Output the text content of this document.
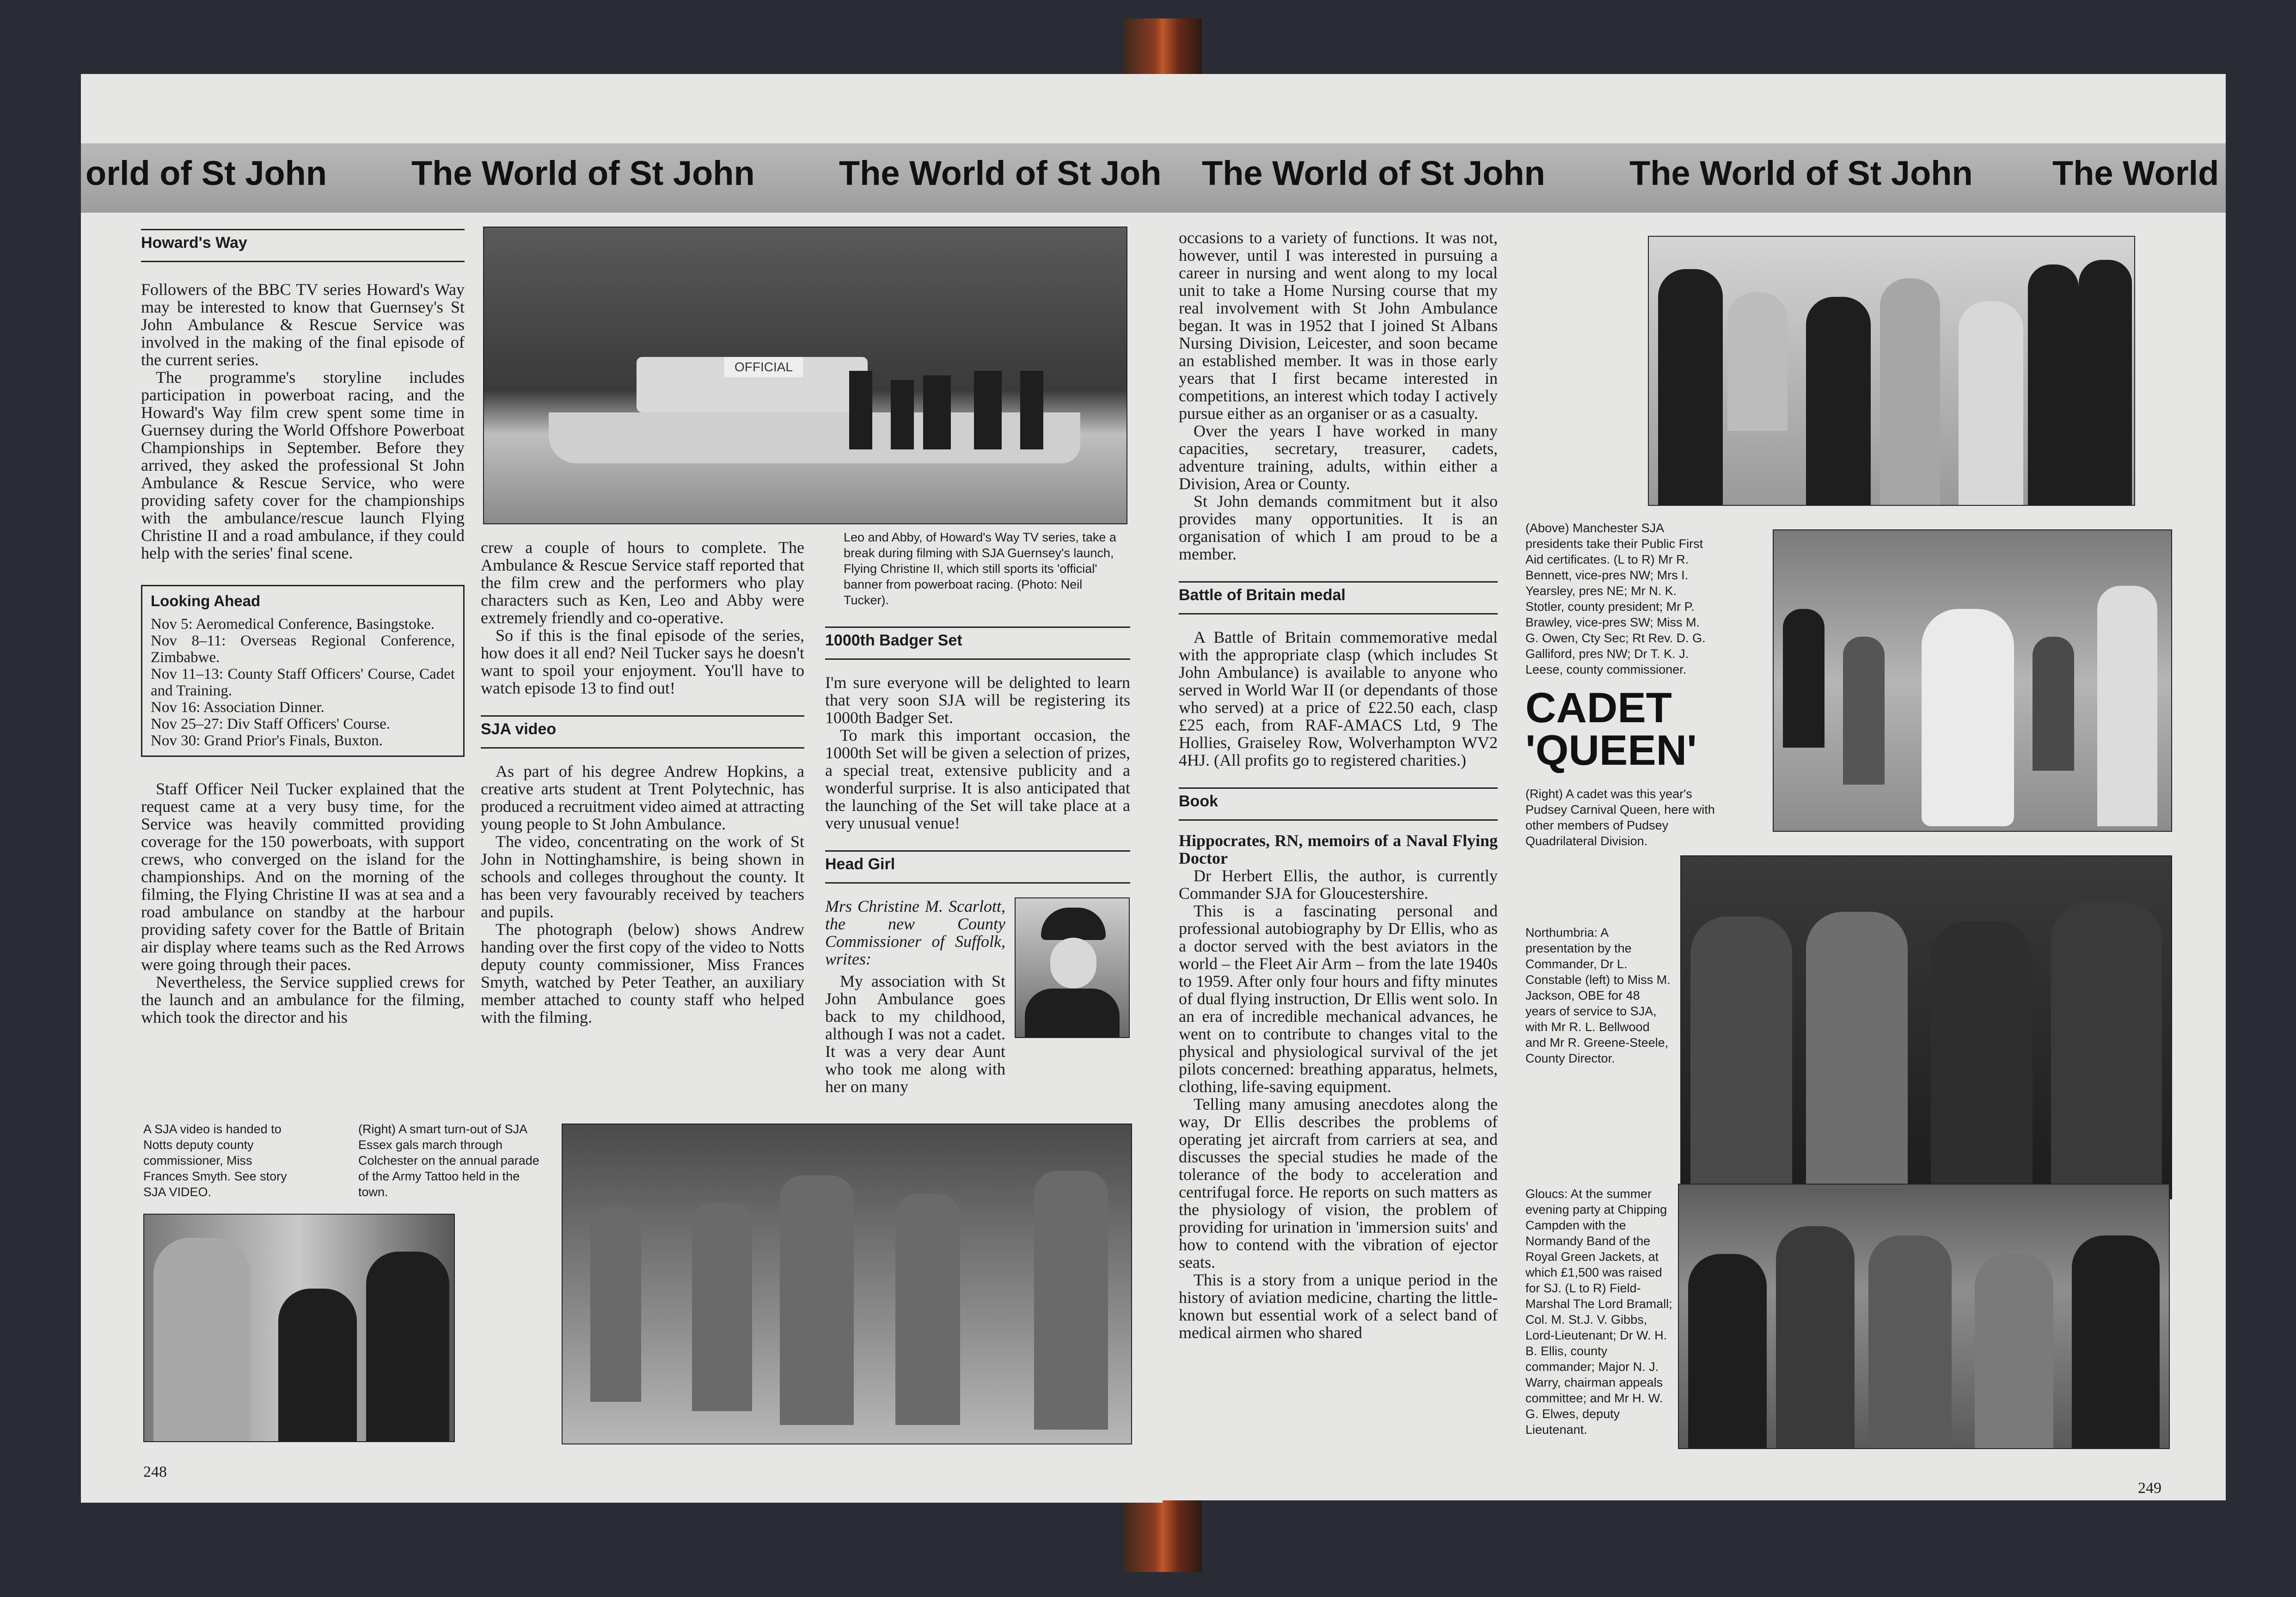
orld of St John The World of St John The World of St Joh
Howard's Way

Followers of the BBC TV series Howard's Way may be interested to know that Guernsey's St John Ambulance & Rescue Service was involved in the making of the final episode of the current series.

The programme's storyline includes participation in powerboat racing, and the Howard's Way film crew spent some time in Guernsey during the World Offshore Powerboat Championships in September. Before they arrived, they asked the professional St John Ambulance & Rescue Service, who were providing safety cover for the championships with the ambulance/rescue launch Flying Christine II and a road ambulance, if they could help with the series' final scene.

Looking Ahead
Nov 5: Aeromedical Conference, Basingstoke.
Nov 8–11: Overseas Regional Conference, Zimbabwe.
Nov 11–13: County Staff Officers' Course, Cadet and Training.
Nov 16: Association Dinner.
Nov 25–27: Div Staff Officers' Course.
Nov 30: Grand Prior's Finals, Buxton.

Staff Officer Neil Tucker explained that the request came at a very busy time, for the Service was heavily committed providing coverage for the 150 powerboats, with support crews, who converged on the island for the championships. And on the morning of the filming, the Flying Christine II was at sea and a road ambulance on standby at the harbour providing safety cover for the Battle of Britain air display where teams such as the Red Arrows were going through their paces.

Nevertheless, the Service supplied crews for the launch and an ambulance for the filming, which took the director and his

OFFICIAL
Leo and Abby, of Howard's Way TV series, take a break during filming with SJA Guernsey's launch, Flying Christine II, which still sports its 'official' banner from powerboat racing. (Photo: Neil Tucker).

crew a couple of hours to complete. The Ambulance & Rescue Service staff reported that the film crew and the performers who play characters such as Ken, Leo and Abby were extremely friendly and co-operative.

So if this is the final episode of the series, how does it all end? Neil Tucker says he doesn't want to spoil your enjoyment. You'll have to watch episode 13 to find out!

SJA video

As part of his degree Andrew Hopkins, a creative arts student at Trent Polytechnic, has produced a recruitment video aimed at attracting young people to St John Ambulance.

The video, concentrating on the work of St John in Nottinghamshire, is being shown in schools and colleges throughout the county. It has been very favourably received by teachers and pupils.

The photograph (below) shows Andrew handing over the first copy of the video to Notts deputy county commissioner, Miss Frances Smyth, watched by Peter Teather, an auxiliary member attached to county staff who helped with the filming.

1000th Badger Set

I'm sure everyone will be delighted to learn that very soon SJA will be registering its 1000th Badger Set.

To mark this important occasion, the 1000th Set will be given a selection of prizes, a special treat, extensive publicity and a wonderful surprise. It is also anticipated that the launching of the Set will take place at a very unusual venue!

Head Girl

Mrs Christine M. Scarlott, the new County Commissioner of Suffolk, writes:

My association with St John Ambulance goes back to my childhood, although I was not a cadet. It was a very dear Aunt who took me along with her on many

A SJA video is handed to Notts deputy county commissioner, Miss Frances Smyth. See story SJA VIDEO.
(Right) A smart turn-out of SJA Essex gals march through Colchester on the annual parade of the Army Tattoo held in the town.
248
The World of St John The World of St John The World

occasions to a variety of functions. It was not, however, until I was interested in pursuing a career in nursing and went along to my local unit to take a Home Nursing course that my real involvement with St John Ambulance began. It was in 1952 that I joined St Albans Nursing Division, Leicester, and soon became an established member. It was in those early years that I first became interested in competitions, an interest which today I actively pursue either as an organiser or as a casualty.

Over the years I have worked in many capacities, secretary, treasurer, cadets, adventure training, adults, within either a Division, Area or County.

St John demands commitment but it also provides many opportunities. It is an organisation of which I am proud to be a member.

Battle of Britain medal

A Battle of Britain commemorative medal with the appropriate clasp (which includes St John Ambulance) is available to anyone who served in World War II (or dependants of those who served) at a price of £22.50 each, clasp £25 each, from RAF-AMACS Ltd, 9 The Hollies, Graiseley Row, Wolverhampton WV2 4HJ. (All profits go to registered charities.)

Book
Hippocrates, RN, memoirs of a Naval Flying Doctor

Dr Herbert Ellis, the author, is currently Commander SJA for Gloucestershire.

This is a fascinating personal and professional autobiography by Dr Ellis, who as a doctor served with the best aviators in the world – the Fleet Air Arm – from the late 1940s to 1959. After only four hours and fifty minutes of dual flying instruction, Dr Ellis went solo. In an era of incredible mechanical advances, he went on to contribute to changes vital to the physical and physiological survival of the jet pilots concerned: breathing apparatus, helmets, clothing, life-saving equipment.

Telling many amusing anecdotes along the way, Dr Ellis describes the problems of operating jet aircraft from carriers at sea, and discusses the special studies he made of the tolerance of the body to acceleration and centrifugal force. He reports on such matters as the physiology of vision, the problem of providing for urination in 'immersion suits' and how to contend with the vibration of ejector seats.

This is a story from a unique period in the history of aviation medicine, charting the little-known but essential work of a select band of medical airmen who shared

(Above) Manchester SJA presidents take their Public First Aid certificates. (L to R) Mr R. Bennett, vice-pres NW; Mrs I. Yearsley, pres NE; Mr N. K. Stotler, county president; Mr P. Brawley, vice-pres SW; Miss M. G. Owen, Cty Sec; Rt Rev. D. G. Galliford, pres NW; Dr T. K. J. Leese, county commissioner.
CADET
'QUEEN'
(Right) A cadet was this year's Pudsey Carnival Queen, here with other members of Pudsey Quadrilateral Division.
Northumbria: A presentation by the Commander, Dr L. Constable (left) to Miss M. Jackson, OBE for 48 years of service to SJA, with Mr R. L. Bellwood and Mr R. Greene-Steele, County Director.
Gloucs: At the summer evening party at Chipping Campden with the Normandy Band of the Royal Green Jackets, at which £1,500 was raised for SJ. (L to R) Field-Marshal The Lord Bramall; Col. M. St.J. V. Gibbs, Lord-Lieutenant; Dr W. H. B. Ellis, county commander; Major N. J. Warry, chairman appeals committee; and Mr H. W. G. Elwes, deputy Lieutenant.
249
